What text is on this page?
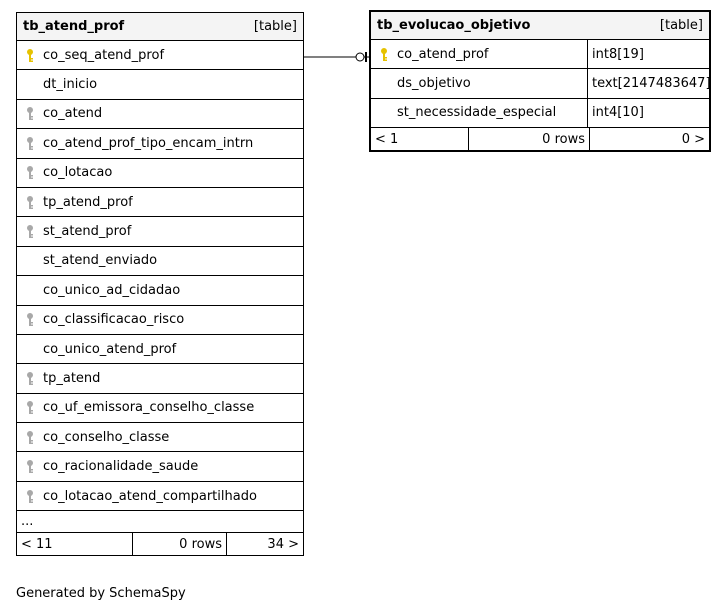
tb_atend_prof	[table]
co_seq_atend_prof
dt_inicio
co_atend
co_atend_prof_tipo_encam_intrn
co_lotacao
tp_atend_prof
st_atend_prof
st_atend_enviado
co_unico_ad_cidadao
co_classificacao_risco
co_unico_atend_prof
tp_atend
co_uf_emissora_conselho_classe
co_conselho_classe
co_racionalidade_saude
co_lotacao_atend_compartilhado
...
< 11	0 rows	34 >
tb_evolucao_objetivo	[table]
co_atend_prof	int8[19]
ds_objetivo	text[2147483647]
st_necessidade_especial	int4[10]
< 1	0 rows	0 >
Generated by SchemaSpy
